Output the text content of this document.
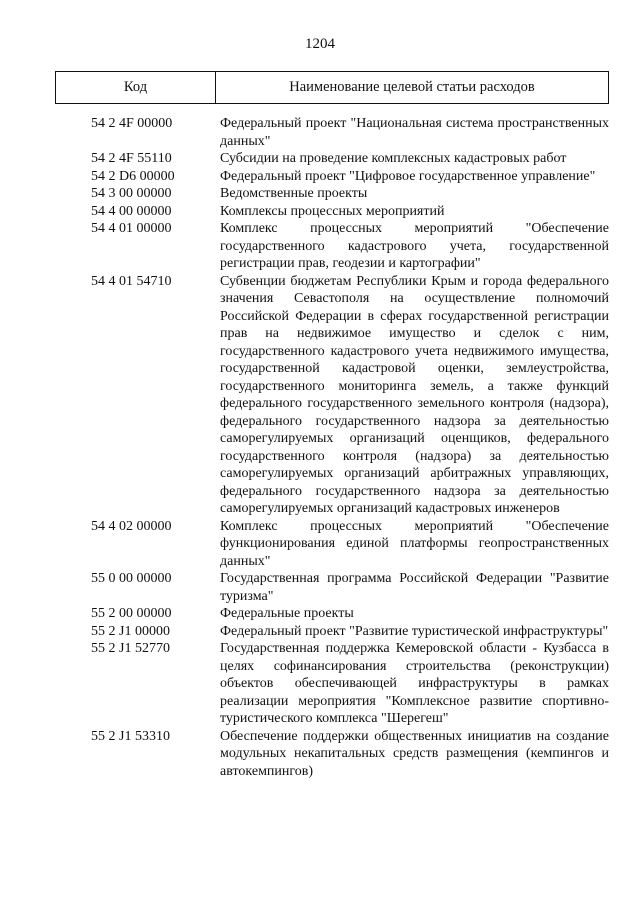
1204
Код	Наименование целевой статьи расходов
54 2 4F 00000	Федеральный проект "Национальная система пространственных данных"
54 2 4F 55110	Субсидии на проведение комплексных кадастровых работ
54 2 D6 00000	Федеральный проект "Цифровое государственное управление"
54 3 00 00000	Ведомственные проекты
54 4 00 00000	Комплексы процессных мероприятий
54 4 01 00000	Комплекс процессных мероприятий "Обеспечение государственного кадастрового учета, государственной регистрации прав, геодезии и картографии"
54 4 01 54710	Субвенции бюджетам Республики Крым и города федерального значения Севастополя на осуществление полномочий Российской Федерации в сферах государственной регистрации прав на недвижимое имущество и сделок с ним, государственного кадастрового учета недвижимого имущества, государственной кадастровой оценки, землеустройства, государственного мониторинга земель, а также функций федерального государственного земельного контроля (надзора), федерального государственного надзора за деятельностью саморегулируемых организаций оценщиков, федерального государственного контроля (надзора) за деятельностью саморегулируемых организаций арбитражных управляющих, федерального государственного надзора за деятельностью саморегулируемых организаций кадастровых инженеров
54 4 02 00000	Комплекс процессных мероприятий "Обеспечение функционирования единой платформы геопространственных данных"
55 0 00 00000	Государственная программа Российской Федерации "Развитие туризма"
55 2 00 00000	Федеральные проекты
55 2 J1 00000	Федеральный проект "Развитие туристической инфраструктуры"
55 2 J1 52770	Государственная поддержка Кемеровской области - Кузбасса в целях софинансирования строительства (реконструкции) объектов обеспечивающей инфраструктуры в рамках реализации мероприятия "Комплексное развитие спортивно-туристического комплекса "Шерегеш"
55 2 J1 53310	Обеспечение поддержки общественных инициатив на создание модульных некапитальных средств размещения (кемпингов и автокемпингов)
